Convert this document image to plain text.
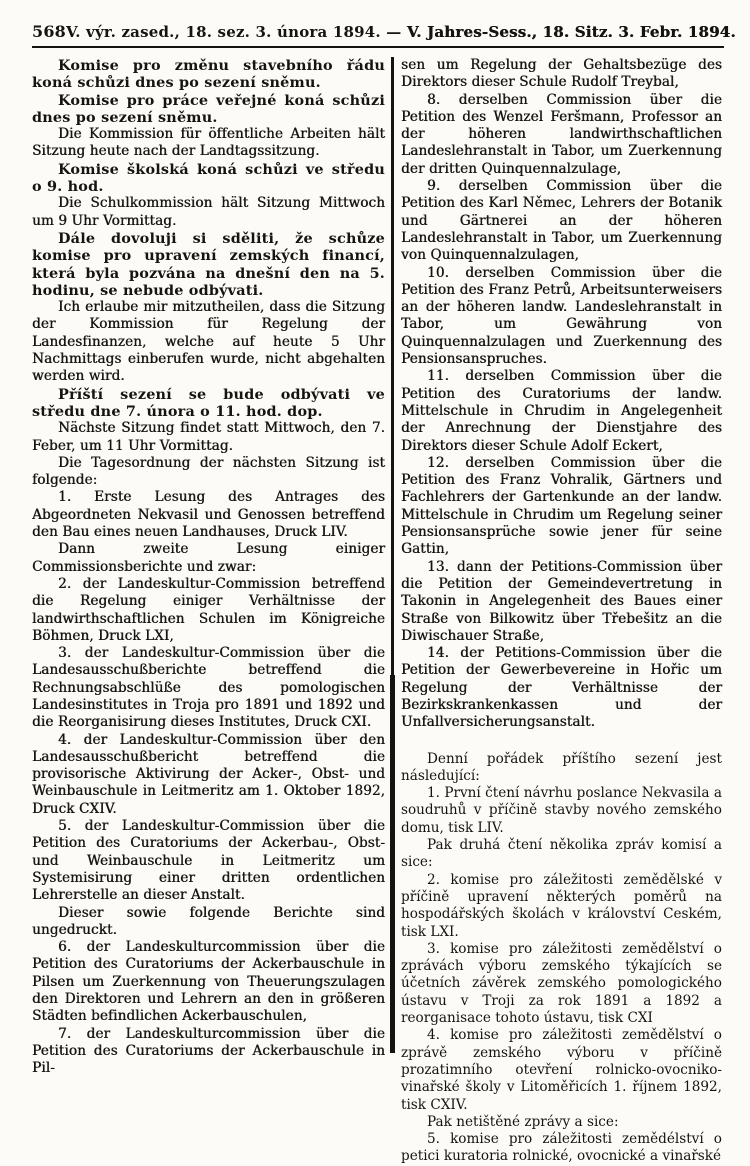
568 V. výr. zased., 18. sez. 3. února 1894. — V. Jahres-Sess., 18. Sitz. 3. Febr. 1894.

Komise pro změnu stavebního řádu koná schůzi dnes po sezení sněmu.

Komise pro práce veřejné koná schůzi dnes po sezení sněmu.

Die Kommission für öffentliche Arbeiten hält Sitzung heute nach der Landtagssitzung.

Komise školská koná schůzi ve středu o 9. hod.

Die Schulkommission hält Sitzung Mittwoch um 9 Uhr Vormittag.

Dále dovoluji si sděliti, že schůze komise pro upravení zemských financí, která byla pozvána na dnešní den na 5. hodinu, se nebude odbývati.

Ich erlaube mir mitzutheilen, dass die Sitzung der Kommission für Regelung der Landesfinanzen, welche auf heute 5 Uhr Nachmittags einberufen wurde, nicht abgehalten werden wird.

Příští sezení se bude odbývati ve středu dne 7. února o 11. hod. dop.

Nächste Sitzung findet statt Mittwoch, den 7. Feber, um 11 Uhr Vormittag.

Die Tagesordnung der nächsten Sitzung ist folgende:

1. Erste Lesung des Antrages des Abgeordneten Nekvasil und Genossen betreffend den Bau eines neuen Landhauses, Druck LIV.

Dann zweite Lesung einiger Commissionsberichte und zwar:

2. der Landeskultur-Commission betreffend die Regelung einiger Verhältnisse der landwirthschaftlichen Schulen im Königreiche Böhmen, Druck LXI,

3. der Landeskultur-Commission über die Landesausschußberichte betreffend die Rechnungsabschlüße des pomologischen Landesinstitutes in Troja pro 1891 und 1892 und die Reorganisirung dieses Institutes, Druck CXI.

4. der Landeskultur-Commission über den Landesausschußbericht betreffend die provisorische Aktivirung der Acker-, Obst- und Weinbauschule in Leitmeritz am 1. Oktober 1892, Druck CXIV.

5. der Landeskultur-Commission über die Petition des Curatoriums der Ackerbau-, Obst- und Weinbauschule in Leitmeritz um Systemisirung einer dritten ordentlichen Lehrerstelle an dieser Anstalt.

Dieser sowie folgende Berichte sind ungedruckt.

6. der Landeskulturcommission über die Petition des Curatoriums der Ackerbauschule in Pilsen um Zuerkennung von Theuerungszulagen den Direktoren und Lehrern an den in größeren Städten befindlichen Ackerbauschulen,

7. der Landeskulturcommission über die Petition des Curatoriums der Ackerbauschule in Pil-

sen um Regelung der Gehaltsbezüge des Direktors dieser Schule Rudolf Treybal,

8. derselben Commission über die Petition des Wenzel Feršmann, Professor an der höheren landwirthschaftlichen Landeslehranstalt in Tabor, um Zuerkennung der dritten Quinquennalzulage,

9. derselben Commission über die Petition des Karl Němec, Lehrers der Botanik und Gärtnerei an der höheren Landeslehranstalt in Tabor, um Zuerkennung von Quinquennalzulagen,

10. derselben Commission über die Petition des Franz Petrů, Arbeitsunterweisers an der höheren landw. Landeslehranstalt in Tabor, um Gewährung von Quinquennalzulagen und Zuerkennung des Pensionsanspruches.

11. derselben Commission über die Petition des Curatoriums der landw. Mittelschule in Chrudim in Angelegenheit der Anrechnung der Dienstjahre des Direktors dieser Schule Adolf Eckert,

12. derselben Commission über die Petition des Franz Vohralik, Gärtners und Fachlehrers der Gartenkunde an der landw. Mittelschule in Chrudim um Regelung seiner Pensionsansprüche sowie jener für seine Gattin,

13. dann der Petitions-Commission über die Petition der Gemeindevertretung in Takonin in Angelegenheit des Baues einer Straße von Bilkowitz über Třebešitz an die Diwischauer Straße,

14. der Petitions-Commission über die Petition der Gewerbevereine in Hořic um Regelung der Verhältnisse der Bezirkskrankenkassen und der Unfallversicherungsanstalt.

Denní pořádek příštího sezení jest následující:

1. První čtení návrhu poslance Nekvasila a soudruhů v příčině stavby nového zemského domu, tisk LIV.

Pak druhá čtení několika zpráv komisí a sice:

2. komise pro záležitosti zemědělské v příčině upravení některých poměrů na hospodářských školách v království Ceském, tisk LXI.

3. komise pro záležitosti zemědělství o zprávách výboru zemského týkajících se účetních závěrek zemského pomologického ústavu v Troji za rok 1891 a 1892 a reorganisace tohoto ústavu, tisk CXI

4. komise pro záležitosti zemědělství o zprávě zemského výboru v příčině prozatimního otevření rolnicko-ovocniko-vinařské školy v Litoměřicích 1. říjnem 1892, tisk CXIV.

Pak netištěné zprávy a sice:

5. komise pro záležitosti zemědélství o petici kuratoria rolnické, ovocnické a vinařské
